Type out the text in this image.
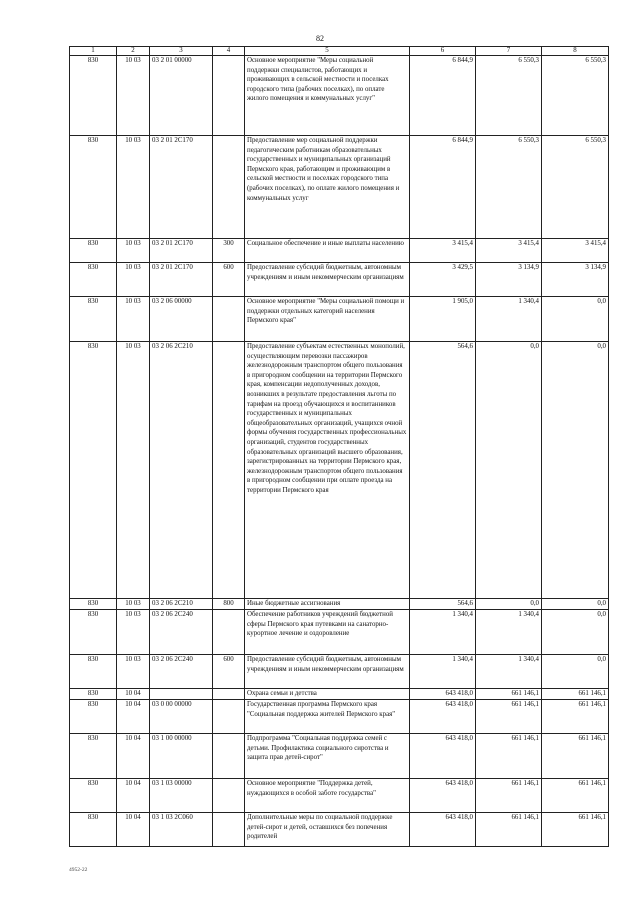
82
1	2	3	4	5	6	7	8
830	10 03	03 2 01 00000		Основное мероприятие "Меры социальной поддержки специалистов, работающих и проживающих в сельской местности и поселках городского типа (рабочих поселках), по оплате жилого помещения и коммунальных услуг"	6 844,9	6 550,3	6 550,3
830	10 03	03 2 01 2С170		Предоставление мер социальной поддержки педагогическим работникам образовательных государственных и муниципальных организаций Пермского края, работающим и проживающим в сельской местности и поселках городского типа (рабочих поселках), по оплате жилого помещения и коммунальных услуг	6 844,9	6 550,3	6 550,3
830	10 03	03 2 01 2С170	300	Социальное обеспечение и иные выплаты населению	3 415,4	3 415,4	3 415,4
830	10 03	03 2 01 2С170	600	Предоставление субсидий бюджетным, автономным учреждениям и иным некоммерческим организациям	3 429,5	3 134,9	3 134,9
830	10 03	03 2 06 00000		Основное мероприятие "Меры социальной помощи и поддержки отдельных категорий населения Пермского края"	1 905,0	1 340,4	0,0
830	10 03	03 2 06 2С210		Предоставление субъектам естественных монополий, осуществляющим перевозки пассажиров железнодорожным транспортом общего пользования в пригородном сообщении на территории Пермского края, компенсации недополученных доходов, возникших в результате предоставления льготы по тарифам на проезд обучающихся и воспитанников государственных и муниципальных общеобразовательных организаций, учащихся очной формы обучения государственных профессиональных организаций, студентов государственных образовательных организаций высшего образования, зарегистрированных на территории Пермского края, железнодорожным транспортом общего пользования в пригородном сообщении при оплате проезда на территории Пермского края	564,6	0,0	0,0
830	10 03	03 2 06 2С210	800	Иные бюджетные ассигнования	564,6	0,0	0,0
830	10 03	03 2 06 2С240		Обеспечение работников учреждений бюджетной сферы Пермского края путевками на санаторно-курортное лечение и оздоровление	1 340,4	1 340,4	0,0
830	10 03	03 2 06 2С240	600	Предоставление субсидий бюджетным, автономным учреждениям и иным некоммерческим организациям	1 340,4	1 340,4	0,0
830	10 04			Охрана семьи и детства	643 418,0	661 146,1	661 146,1
830	10 04	03 0 00 00000		Государственная программа Пермского края "Социальная поддержка жителей Пермского края"	643 418,0	661 146,1	661 146,1
830	10 04	03 1 00 00000		Подпрограмма "Социальная поддержка семей с детьми. Профилактика социального сиротства и защита прав детей-сирот"	643 418,0	661 146,1	661 146,1
830	10 04	03 1 03 00000		Основное мероприятие "Поддержка детей, нуждающихся в особой заботе государства"	643 418,0	661 146,1	661 146,1
830	10 04	03 1 03 2С060		Дополнительные меры по социальной поддержке детей-сирот и детей, оставшихся без попечения родителей	643 418,0	661 146,1	661 146,1
4952-22
